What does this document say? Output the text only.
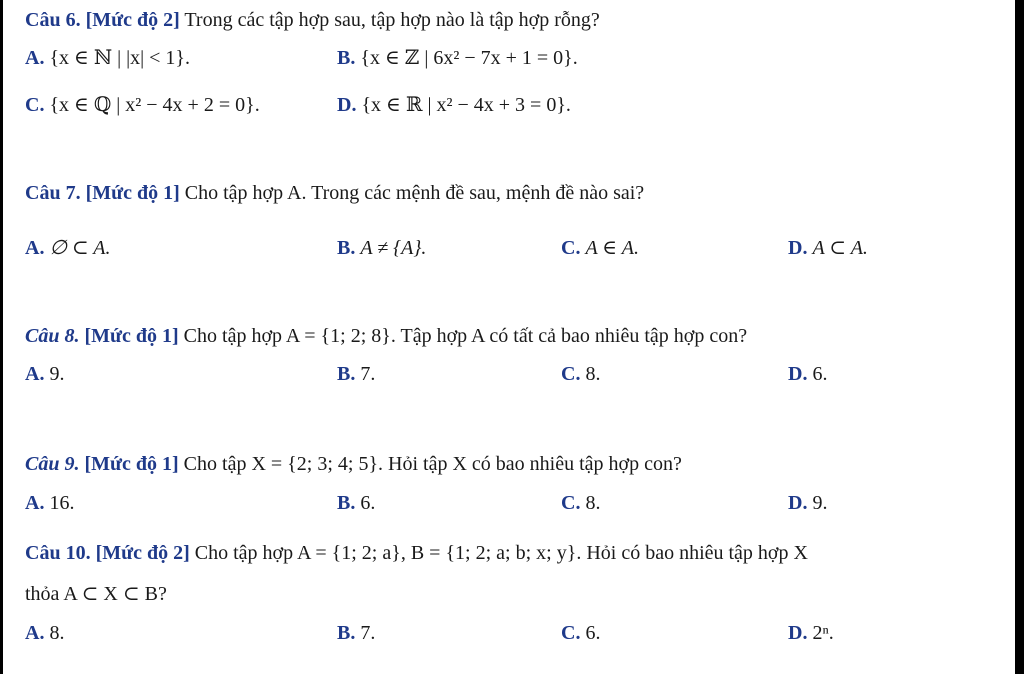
Câu 6. [Mức độ 2] Trong các tập hợp sau, tập hợp nào là tập hợp rỗng?
A. {x ∈ ℕ | |x| < 1}.	B. {x ∈ ℤ | 6x² − 7x + 1 = 0}.
C. {x ∈ ℚ | x² − 4x + 2 = 0}.	D. {x ∈ ℝ | x² − 4x + 3 = 0}.
Câu 7. [Mức độ 1] Cho tập hợp A. Trong các mệnh đề sau, mệnh đề nào sai?
A. ∅ ⊂ A.	B. A ≠ {A}.	C. A ∈ A.	D. A ⊂ A.
Câu 8. [Mức độ 1] Cho tập hợp A = {1; 2; 8}. Tập hợp A có tất cả bao nhiêu tập hợp con?
A. 9.	B. 7.	C. 8.	D. 6.
Câu 9. [Mức độ 1] Cho tập X = {2; 3; 4; 5}. Hỏi tập X có bao nhiêu tập hợp con?
A. 16.	B. 6.	C. 8.	D. 9.
Câu 10. [Mức độ 2] Cho tập hợp A = {1; 2; a}, B = {1; 2; a; b; x; y}. Hỏi có bao nhiêu tập hợp X
thỏa A ⊂ X ⊂ B?
A. 8.	B. 7.	C. 6.	D. 2ⁿ.
